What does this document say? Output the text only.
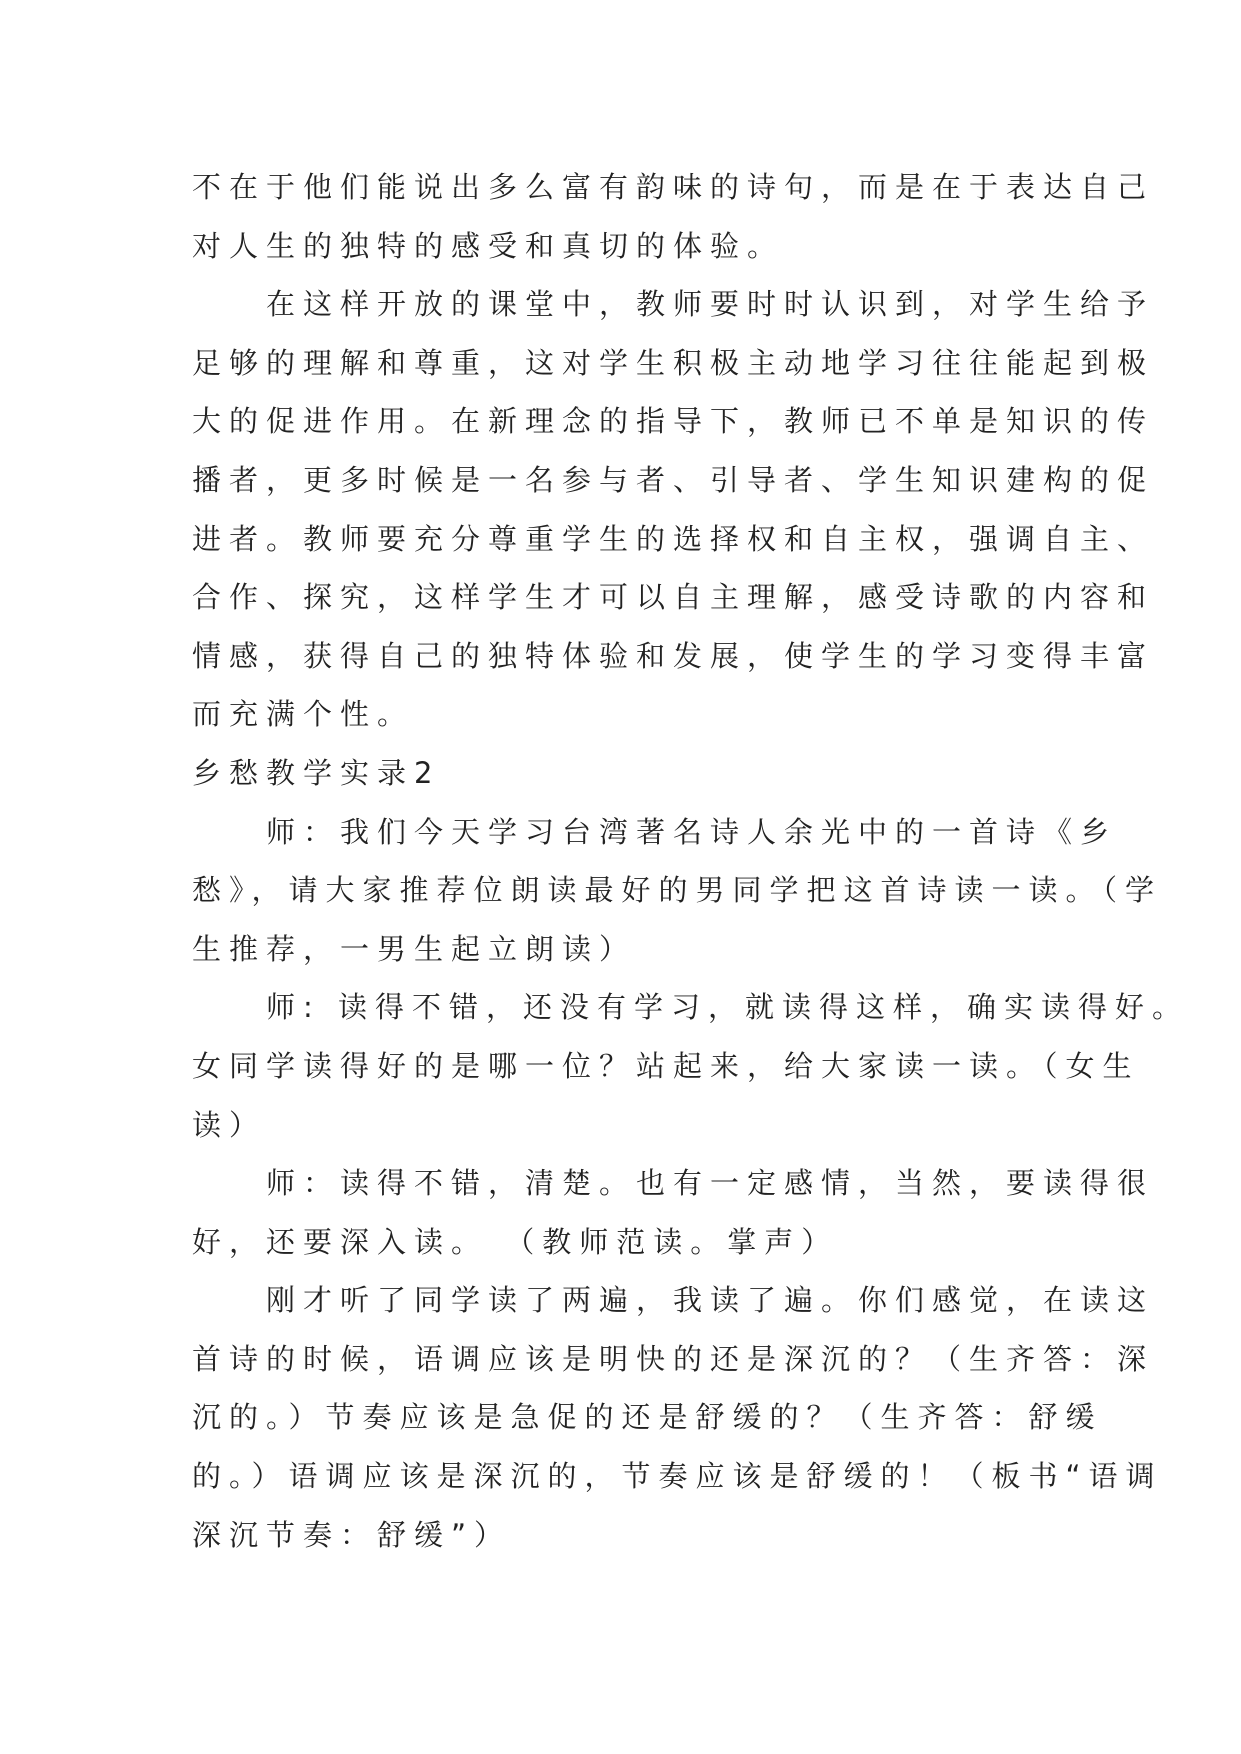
不在于他们能说出多么富有韵味的诗句，而是在于表达自己
对人生的独特的感受和真切的体验。
在这样开放的课堂中，教师要时时认识到，对学生给予
足够的理解和尊重，这对学生积极主动地学习往往能起到极
大的促进作用。在新理念的指导下，教师已不单是知识的传
播者，更多时候是一名参与者、引导者、学生知识建构的促
进者。教师要充分尊重学生的选择权和自主权，强调自主、
合作、探究，这样学生才可以自主理解，感受诗歌的内容和
情感，获得自己的独特体验和发展，使学生的学习变得丰富
而充满个性。
乡愁教学实录2
师：我们今天学习台湾著名诗人余光中的一首诗《乡
愁》，请大家推荐位朗读最好的男同学把这首诗读一读。（学
生推荐，一男生起立朗读）
师: 读得不错，还没有学习，就读得这样，确实读得好。
女同学读得好的是哪一位？站起来，给大家读一读。（女生
读）
师：读得不错，清楚。也有一定感情，当然，要读得很
好，还要深入读。 （教师范读。掌声）
刚才听了同学读了两遍，我读了遍。你们感觉，在读这
首诗的时候，语调应该是明快的还是深沉的？（生齐答：深
沉的。）节奏应该是急促的还是舒缓的？（生齐答：舒缓
的。）语调应该是深沉的，节奏应该是舒缓的！（板书“语调
深沉节奏：舒缓”）
